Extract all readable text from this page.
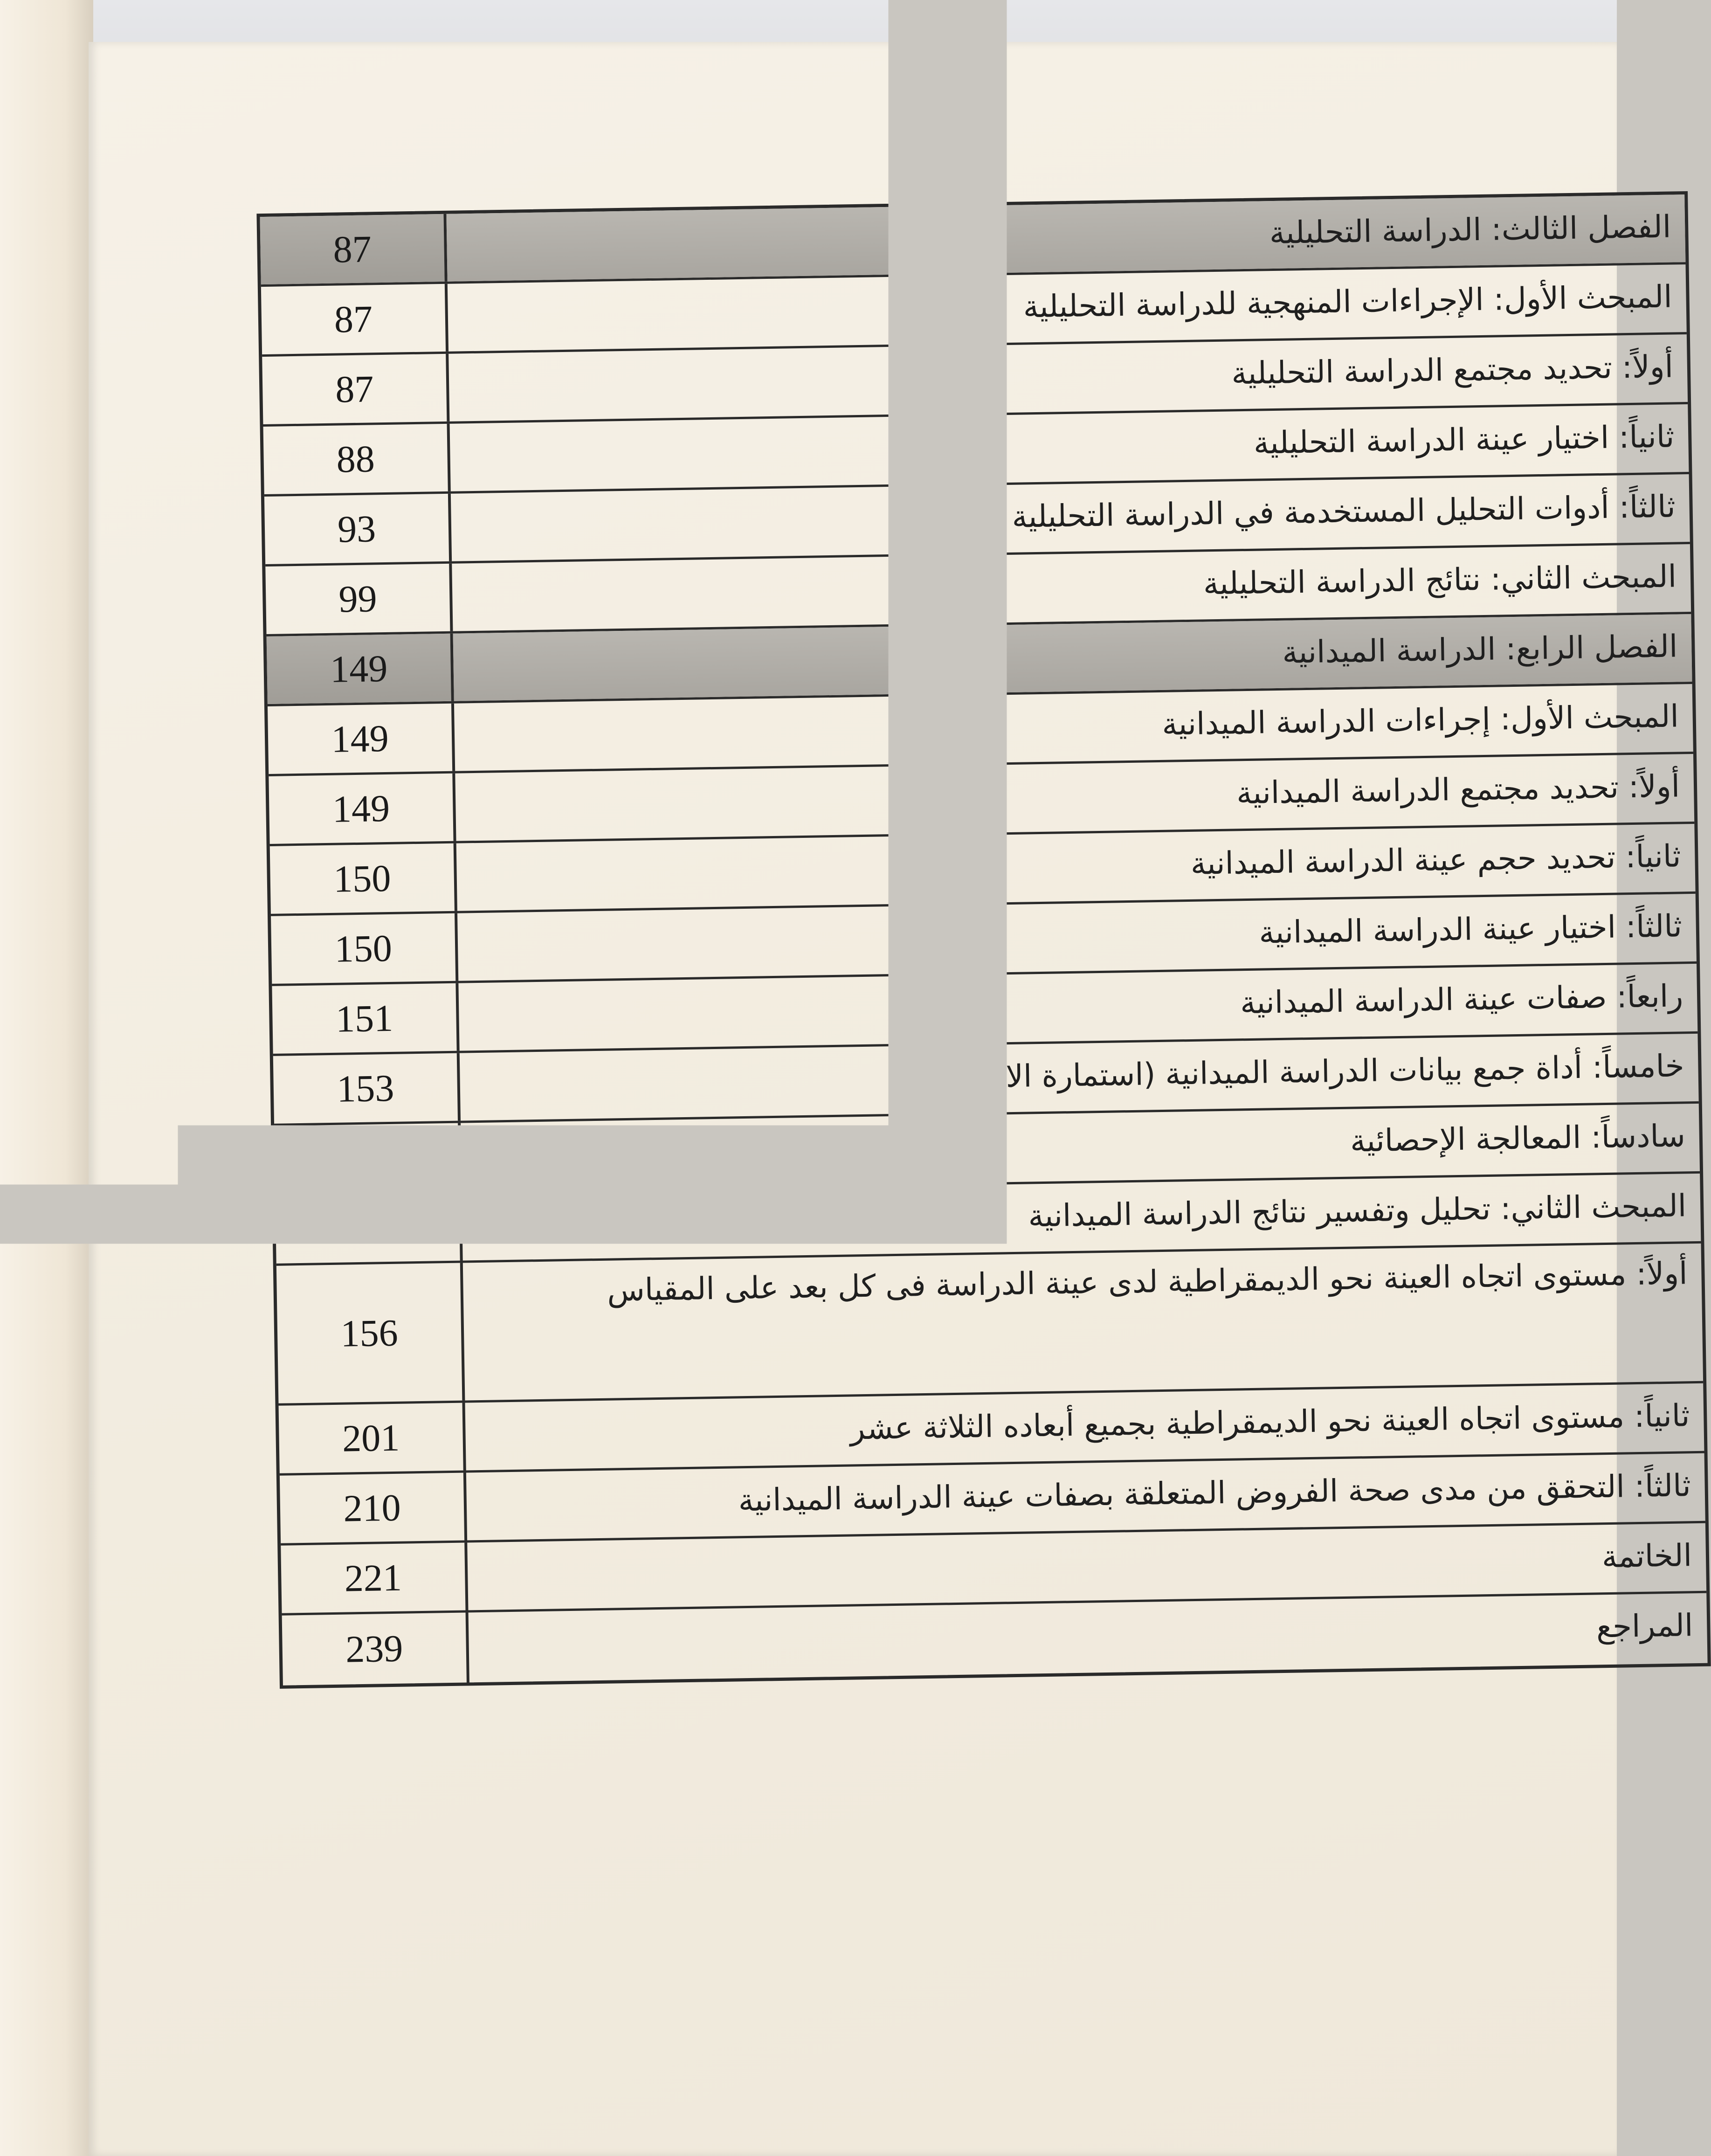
الفصل الثالث: الدراسة التحليلية
87
المبحث الأول: الإجراءات المنهجية للدراسة التحليلية
87
أولاً: تحديد مجتمع الدراسة التحليلية
87
ثانياً: اختيار عينة الدراسة التحليلية
88
ثالثاً: أدوات التحليل المستخدمة في الدراسة التحليلية
93
المبحث الثاني: نتائج الدراسة التحليلية
99
الفصل الرابع: الدراسة الميدانية
149
المبحث الأول: إجراءات الدراسة الميدانية
149
أولاً: تحديد مجتمع الدراسة الميدانية
149
ثانياً: تحديد حجم عينة الدراسة الميدانية
150
ثالثاً: اختيار عينة الدراسة الميدانية
150
رابعاً: صفات عينة الدراسة الميدانية
151
خامساً: أداة جمع بيانات الدراسة الميدانية (استمارة الاستبيان)
153
سادساً: المعالجة الإحصائية
155
المبحث الثاني: تحليل وتفسير نتائج الدراسة الميدانية
156
أولاً: مستوى اتجاه العينة نحو الديمقراطية لدى عينة الدراسة فى كل بعد على المقياس
156
ثانياً: مستوى اتجاه العينة نحو الديمقراطية بجميع أبعاده الثلاثة عشر
201
ثالثاً: التحقق من مدى صحة الفروض المتعلقة بصفات عينة الدراسة الميدانية
210
الخاتمة
221
المراجع
239
